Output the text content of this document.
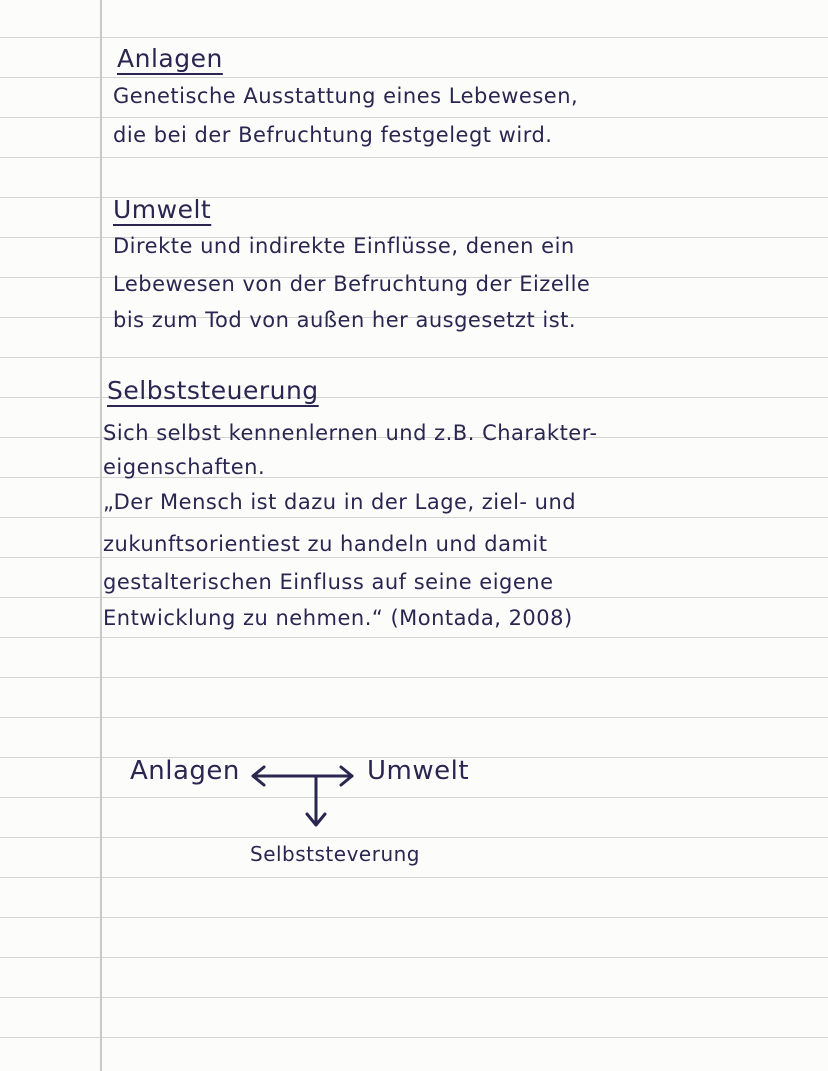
Anlagen
Genetische Ausstattung eines Lebewesen,
die bei der Befruchtung festgelegt wird.
Umwelt
Direkte und indirekte Einflüsse, denen ein
Lebewesen von der Befruchtung der Eizelle
bis zum Tod von außen her ausgesetzt ist.
Selbststeuerung
Sich selbst kennenlernen und z.B. Charakter-
eigenschaften.
„Der Mensch ist dazu in der Lage, ziel- und
zukunftsorientiest zu handeln und damit
gestalterischen Einfluss auf seine eigene
Entwicklung zu nehmen.“ (Montada, 2008)
Anlagen	Umwelt
Selbststeverung
